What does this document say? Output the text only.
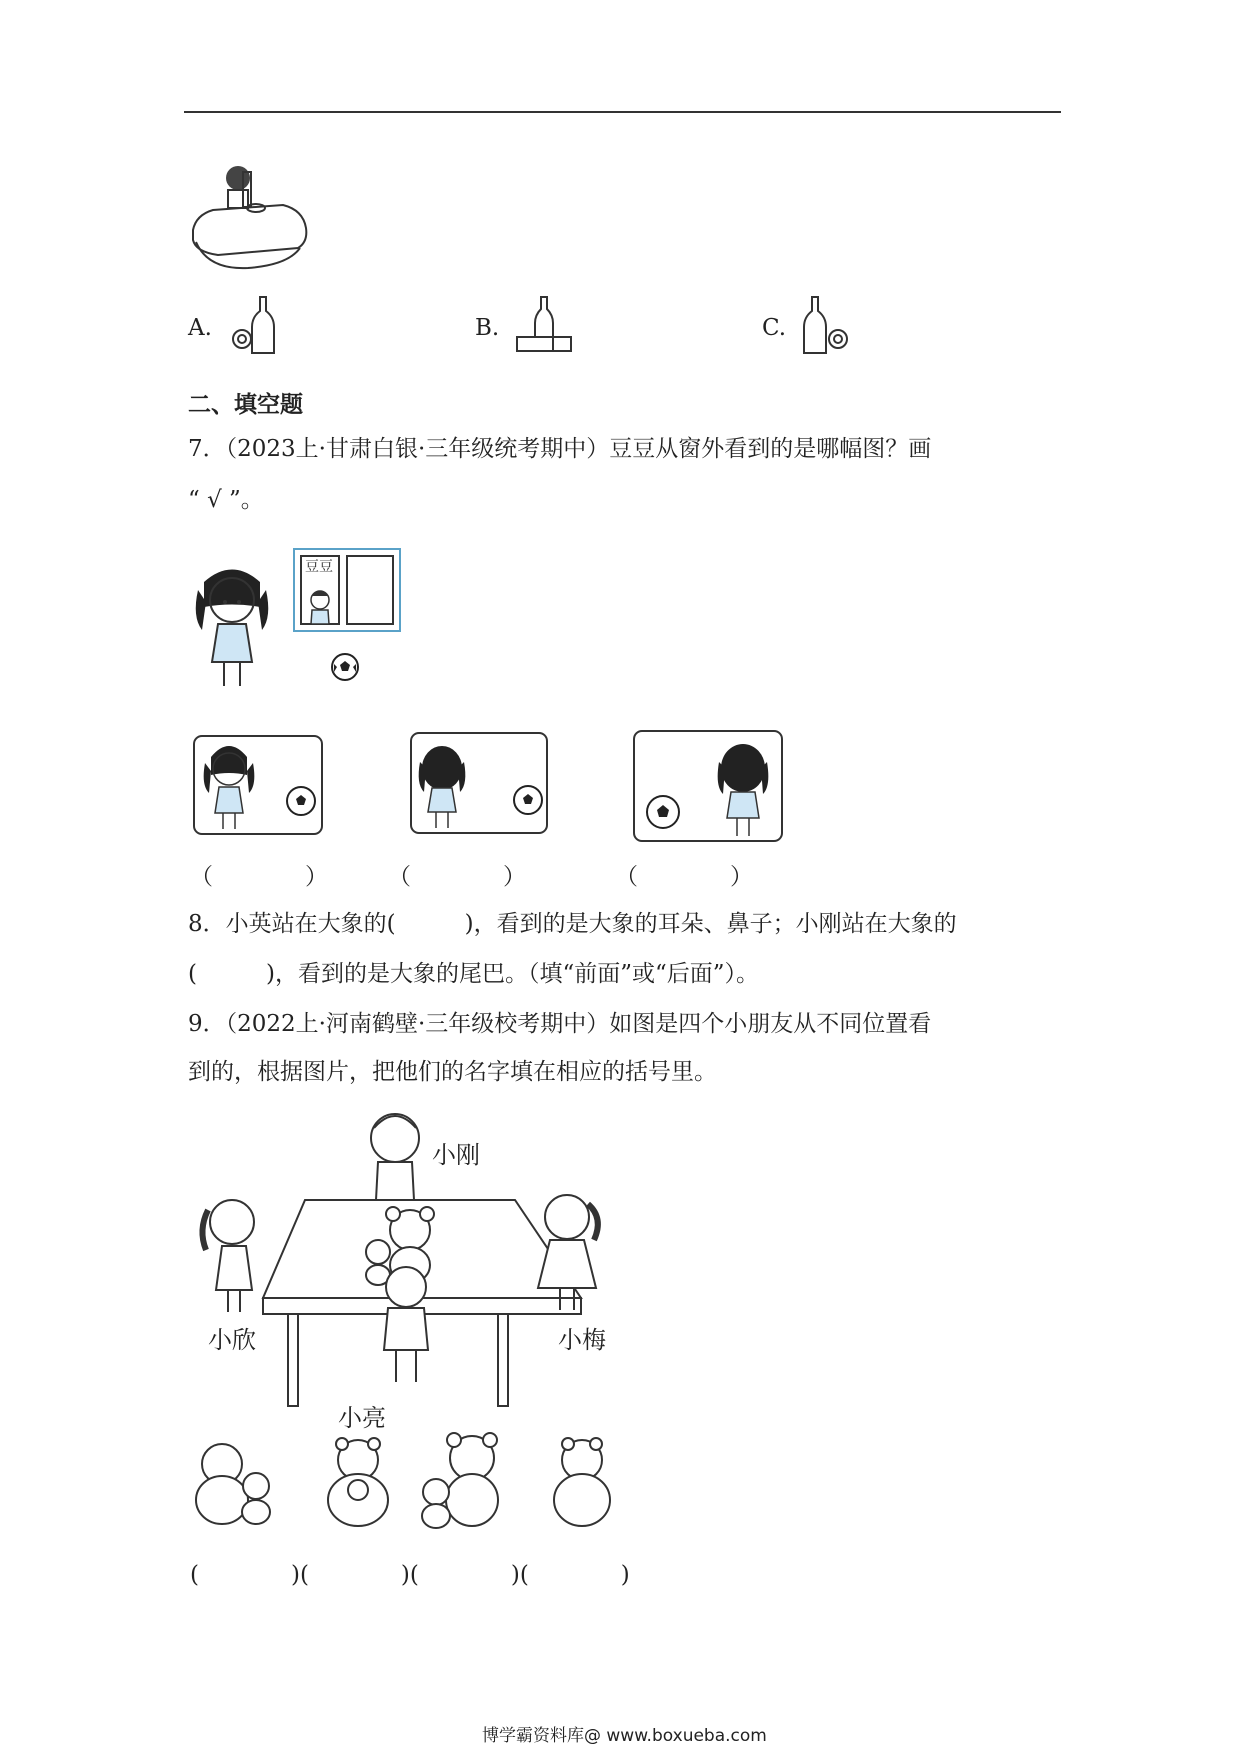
A.	B.	C.
二、填空题
7．（2023上·甘肃白银·三年级统考期中）豆豆从窗外看到的是哪幅图？画
“ √ ”。
豆豆
（　　　　）	（　　　　）	（　　　　）
8．小英站在大象的(　　　)，看到的是大象的耳朵、鼻子；小刚站在大象的
(　　　)，看到的是大象的尾巴。（填“前面”或“后面”）。
9．（2022上·河南鹤壁·三年级校考期中）如图是四个小朋友从不同位置看
到的，根据图片，把他们的名字填在相应的括号里。
小刚
小欣	小梅
小亮
(　　　　)(　　　　)(　　　　)(　　　　)
博学霸资料库@ www.boxueba.com
